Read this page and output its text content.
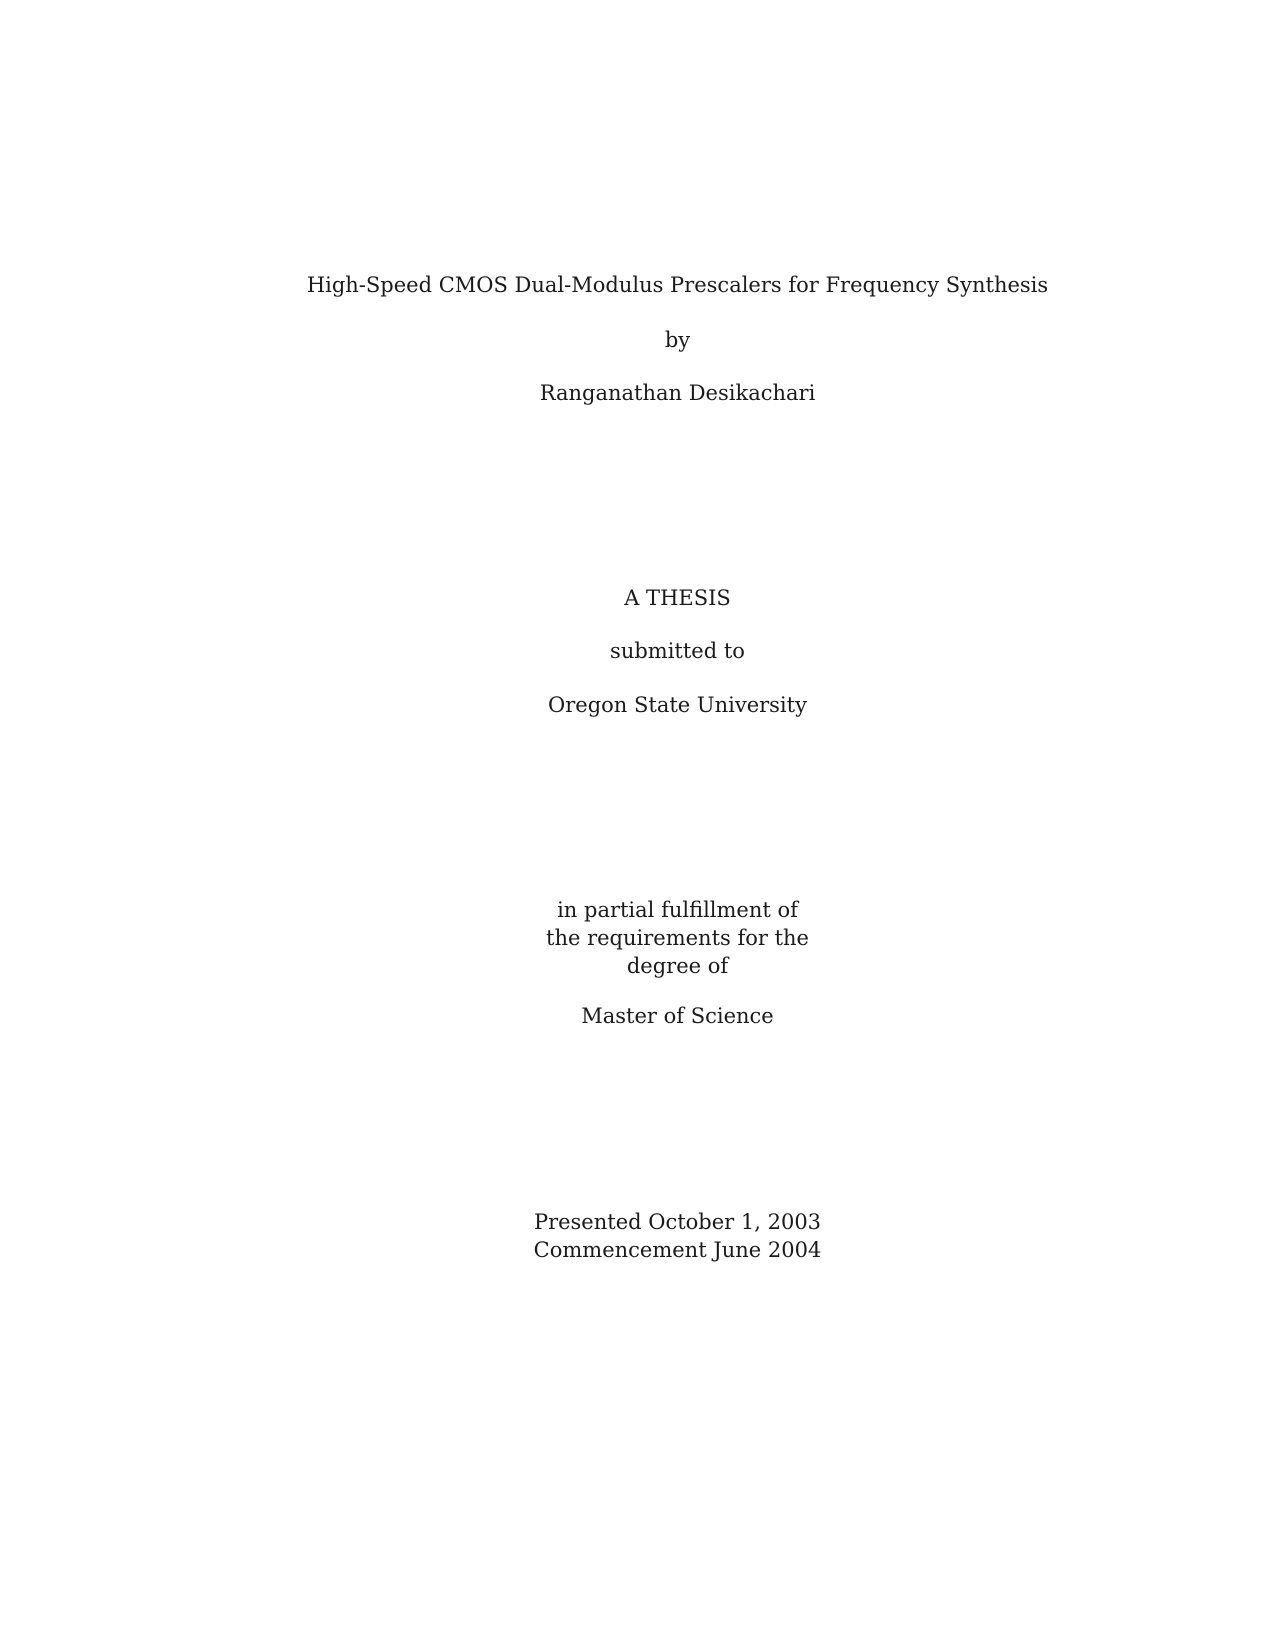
High-Speed CMOS Dual-Modulus Prescalers for Frequency Synthesis
by
Ranganathan Desikachari
A THESIS
submitted to
Oregon State University
in partial fulfillment of
the requirements for the
degree of
Master of Science
Presented October 1, 2003
Commencement June 2004
